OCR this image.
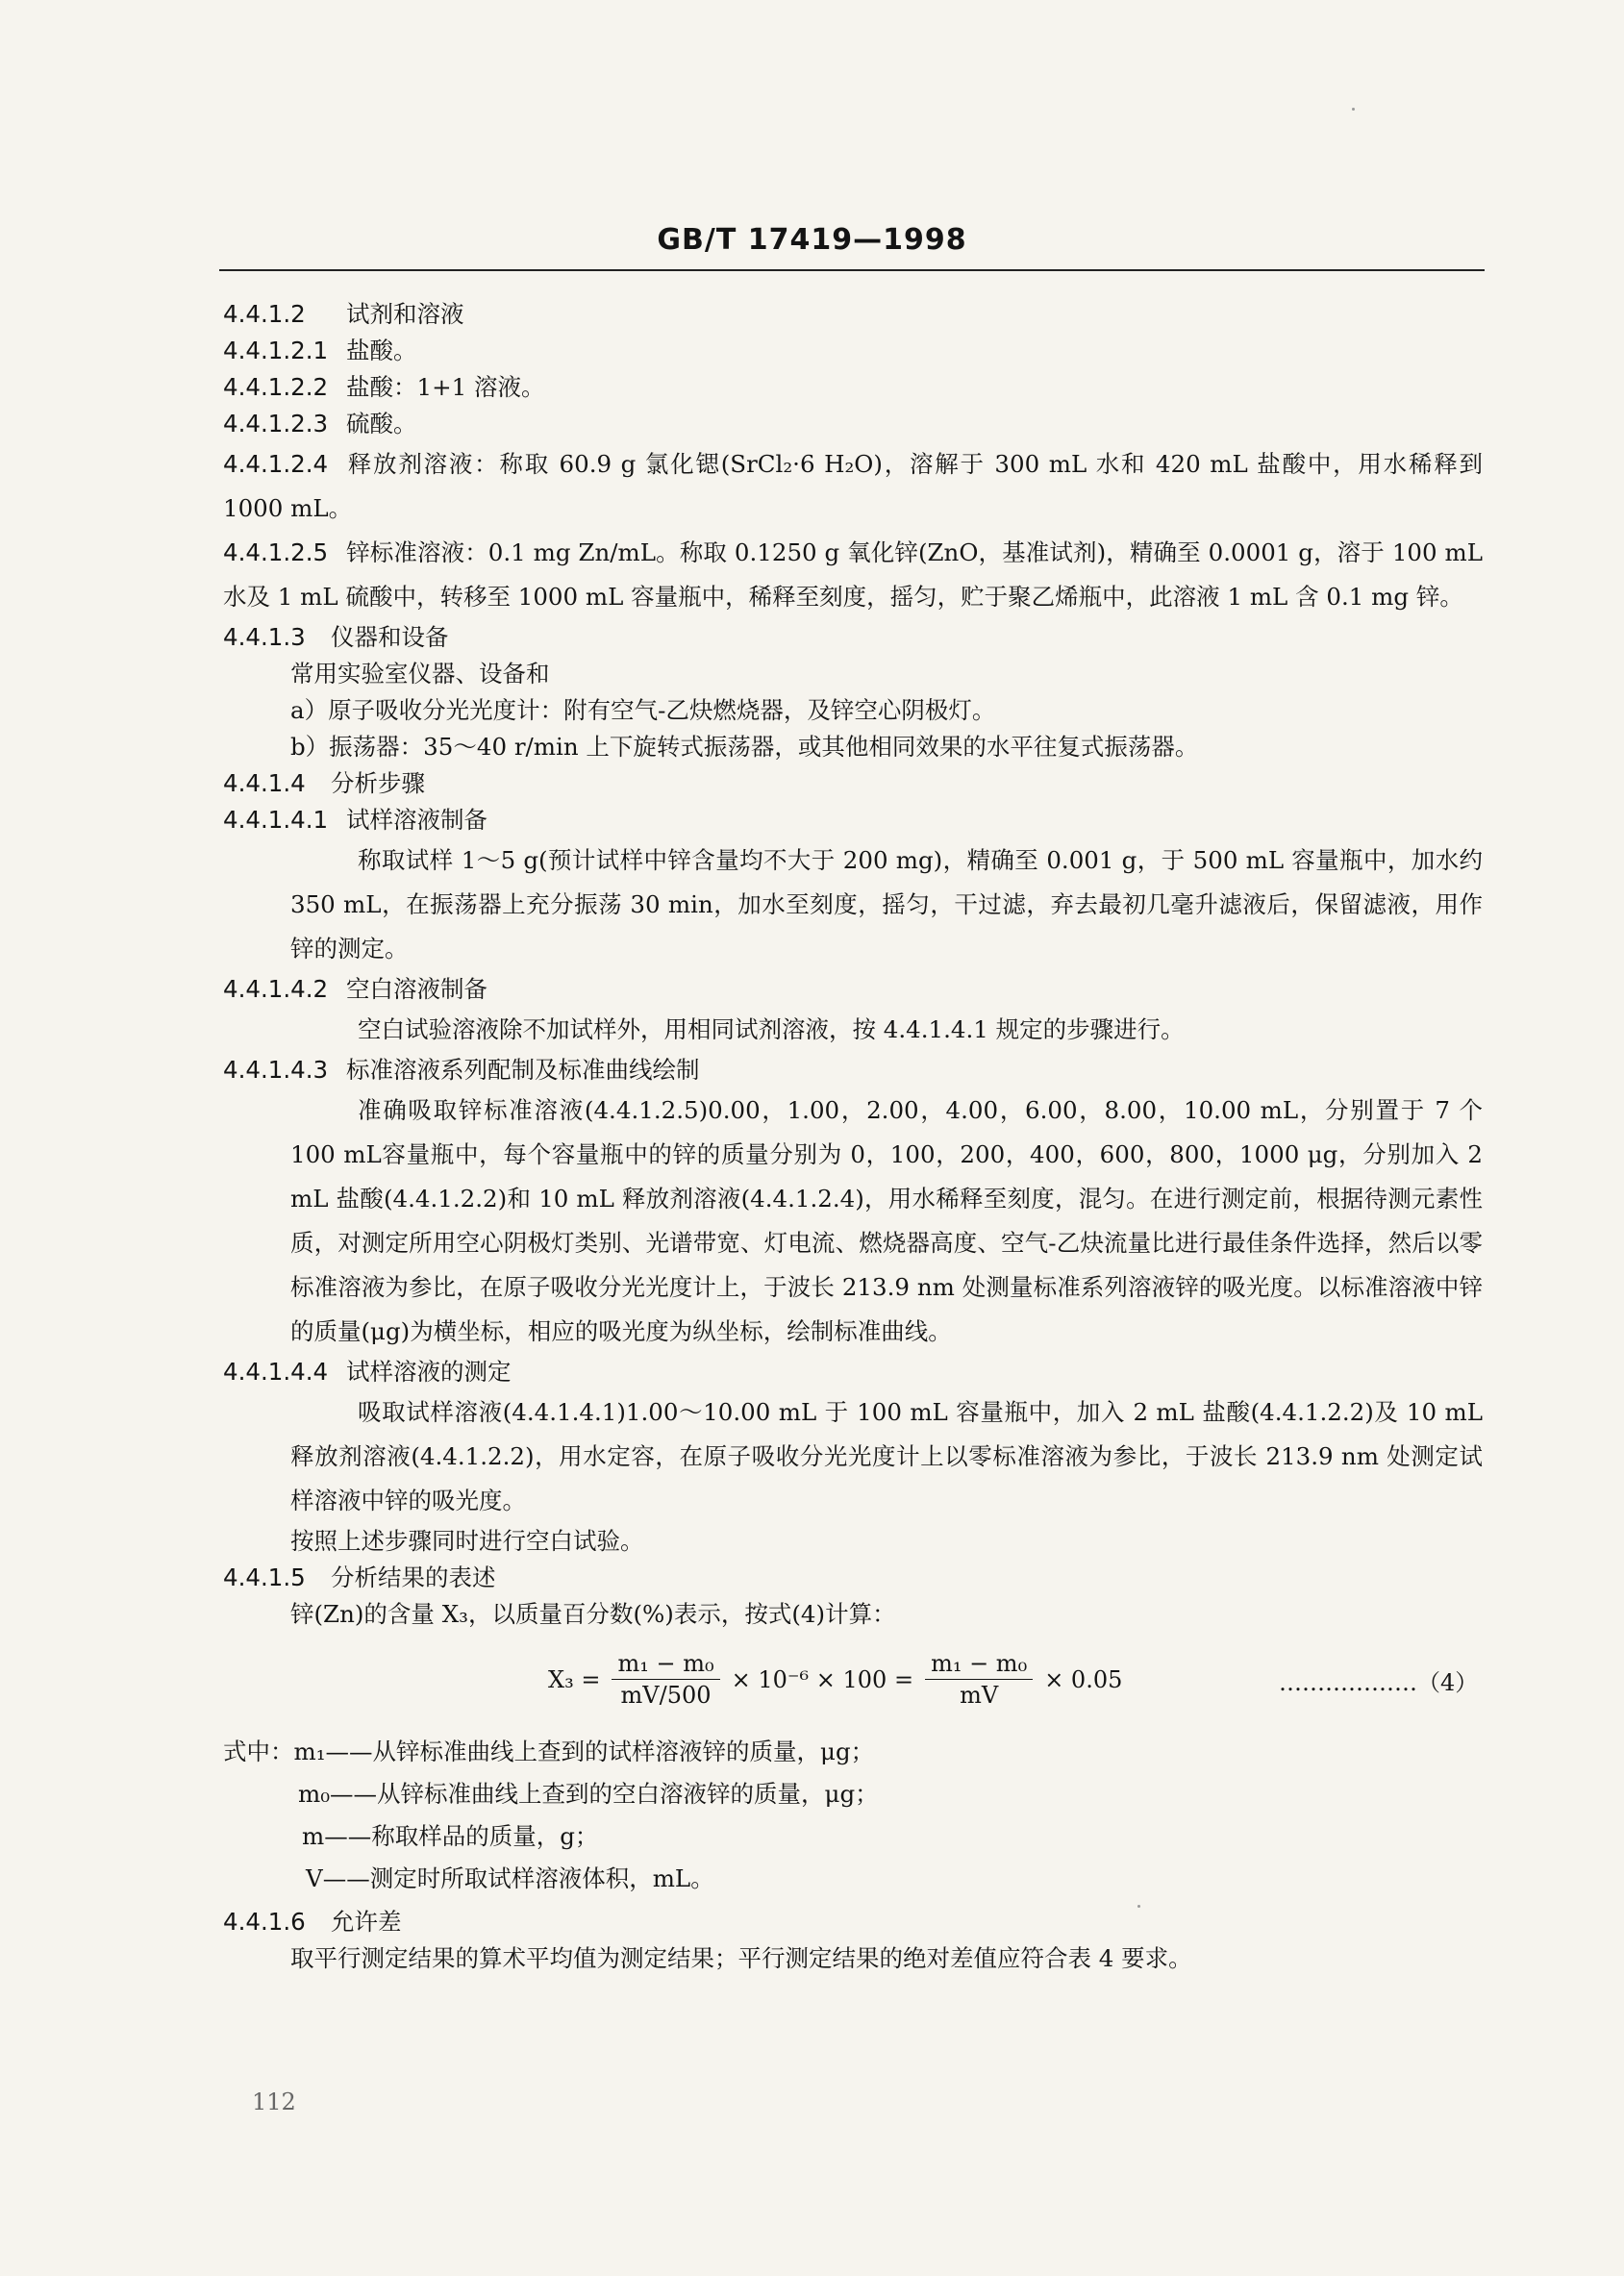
GB/T 17419—1998
4.4.1.2 试剂和溶液
4.4.1.2.1 盐酸。
4.4.1.2.2 盐酸：1+1 溶液。
4.4.1.2.3 硫酸。
4.4.1.2.4 释放剂溶液：称取 60.9 g 氯化锶(SrCl₂·6 H₂O)，溶解于 300 mL 水和 420 mL 盐酸中，用水稀释到 1000 mL。
4.4.1.2.5 锌标准溶液：0.1 mg Zn/mL。称取 0.1250 g 氧化锌(ZnO，基准试剂)，精确至 0.0001 g，溶于 100 mL 水及 1 mL 硫酸中，转移至 1000 mL 容量瓶中，稀释至刻度，摇匀，贮于聚乙烯瓶中，此溶液 1 mL 含 0.1 mg 锌。
4.4.1.3 仪器和设备
常用实验室仪器、设备和
a）原子吸收分光光度计：附有空气-乙炔燃烧器，及锌空心阴极灯。
b）振荡器：35～40 r/min 上下旋转式振荡器，或其他相同效果的水平往复式振荡器。
4.4.1.4 分析步骤
4.4.1.4.1 试样溶液制备
称取试样 1～5 g(预计试样中锌含量均不大于 200 mg)，精确至 0.001 g，于 500 mL 容量瓶中，加水约 350 mL，在振荡器上充分振荡 30 min，加水至刻度，摇匀，干过滤，弃去最初几毫升滤液后，保留滤液，用作锌的测定。
4.4.1.4.2 空白溶液制备
空白试验溶液除不加试样外，用相同试剂溶液，按 4.4.1.4.1 规定的步骤进行。
4.4.1.4.3 标准溶液系列配制及标准曲线绘制
准确吸取锌标准溶液(4.4.1.2.5)0.00，1.00，2.00，4.00，6.00，8.00，10.00 mL，分别置于 7 个 100 mL容量瓶中，每个容量瓶中的锌的质量分别为 0，100，200，400，600，800，1000 μg，分别加入 2 mL 盐酸(4.4.1.2.2)和 10 mL 释放剂溶液(4.4.1.2.4)，用水稀释至刻度，混匀。在进行测定前，根据待测元素性质，对测定所用空心阴极灯类别、光谱带宽、灯电流、燃烧器高度、空气-乙炔流量比进行最佳条件选择，然后以零标准溶液为参比，在原子吸收分光光度计上，于波长 213.9 nm 处测量标准系列溶液锌的吸光度。以标准溶液中锌的质量(μg)为横坐标，相应的吸光度为纵坐标，绘制标准曲线。
4.4.1.4.4 试样溶液的测定
吸取试样溶液(4.4.1.4.1)1.00～10.00 mL 于 100 mL 容量瓶中，加入 2 mL 盐酸(4.4.1.2.2)及 10 mL 释放剂溶液(4.4.1.2.2)，用水定容，在原子吸收分光光度计上以零标准溶液为参比，于波长 213.9 nm 处测定试样溶液中锌的吸光度。
按照上述步骤同时进行空白试验。
4.4.1.5 分析结果的表述
锌(Zn)的含量 X₃，以质量百分数(%)表示，按式(4)计算：
$X_3 = \frac{\text{m₁ − m₀}}{mV/500} \times 10^{-6} \times 100 = \frac{\text{m₁ − m₀}}{mV} \times 0.05$	………………（4）
式中：m₁——从锌标准曲线上查到的试样溶液锌的质量，μg；
m₀——从锌标准曲线上查到的空白溶液锌的质量，μg；
m——称取样品的质量，g；
V——测定时所取试样溶液体积，mL。
4.4.1.6 允许差
取平行测定结果的算术平均值为测定结果；平行测定结果的绝对差值应符合表 4 要求。
112
